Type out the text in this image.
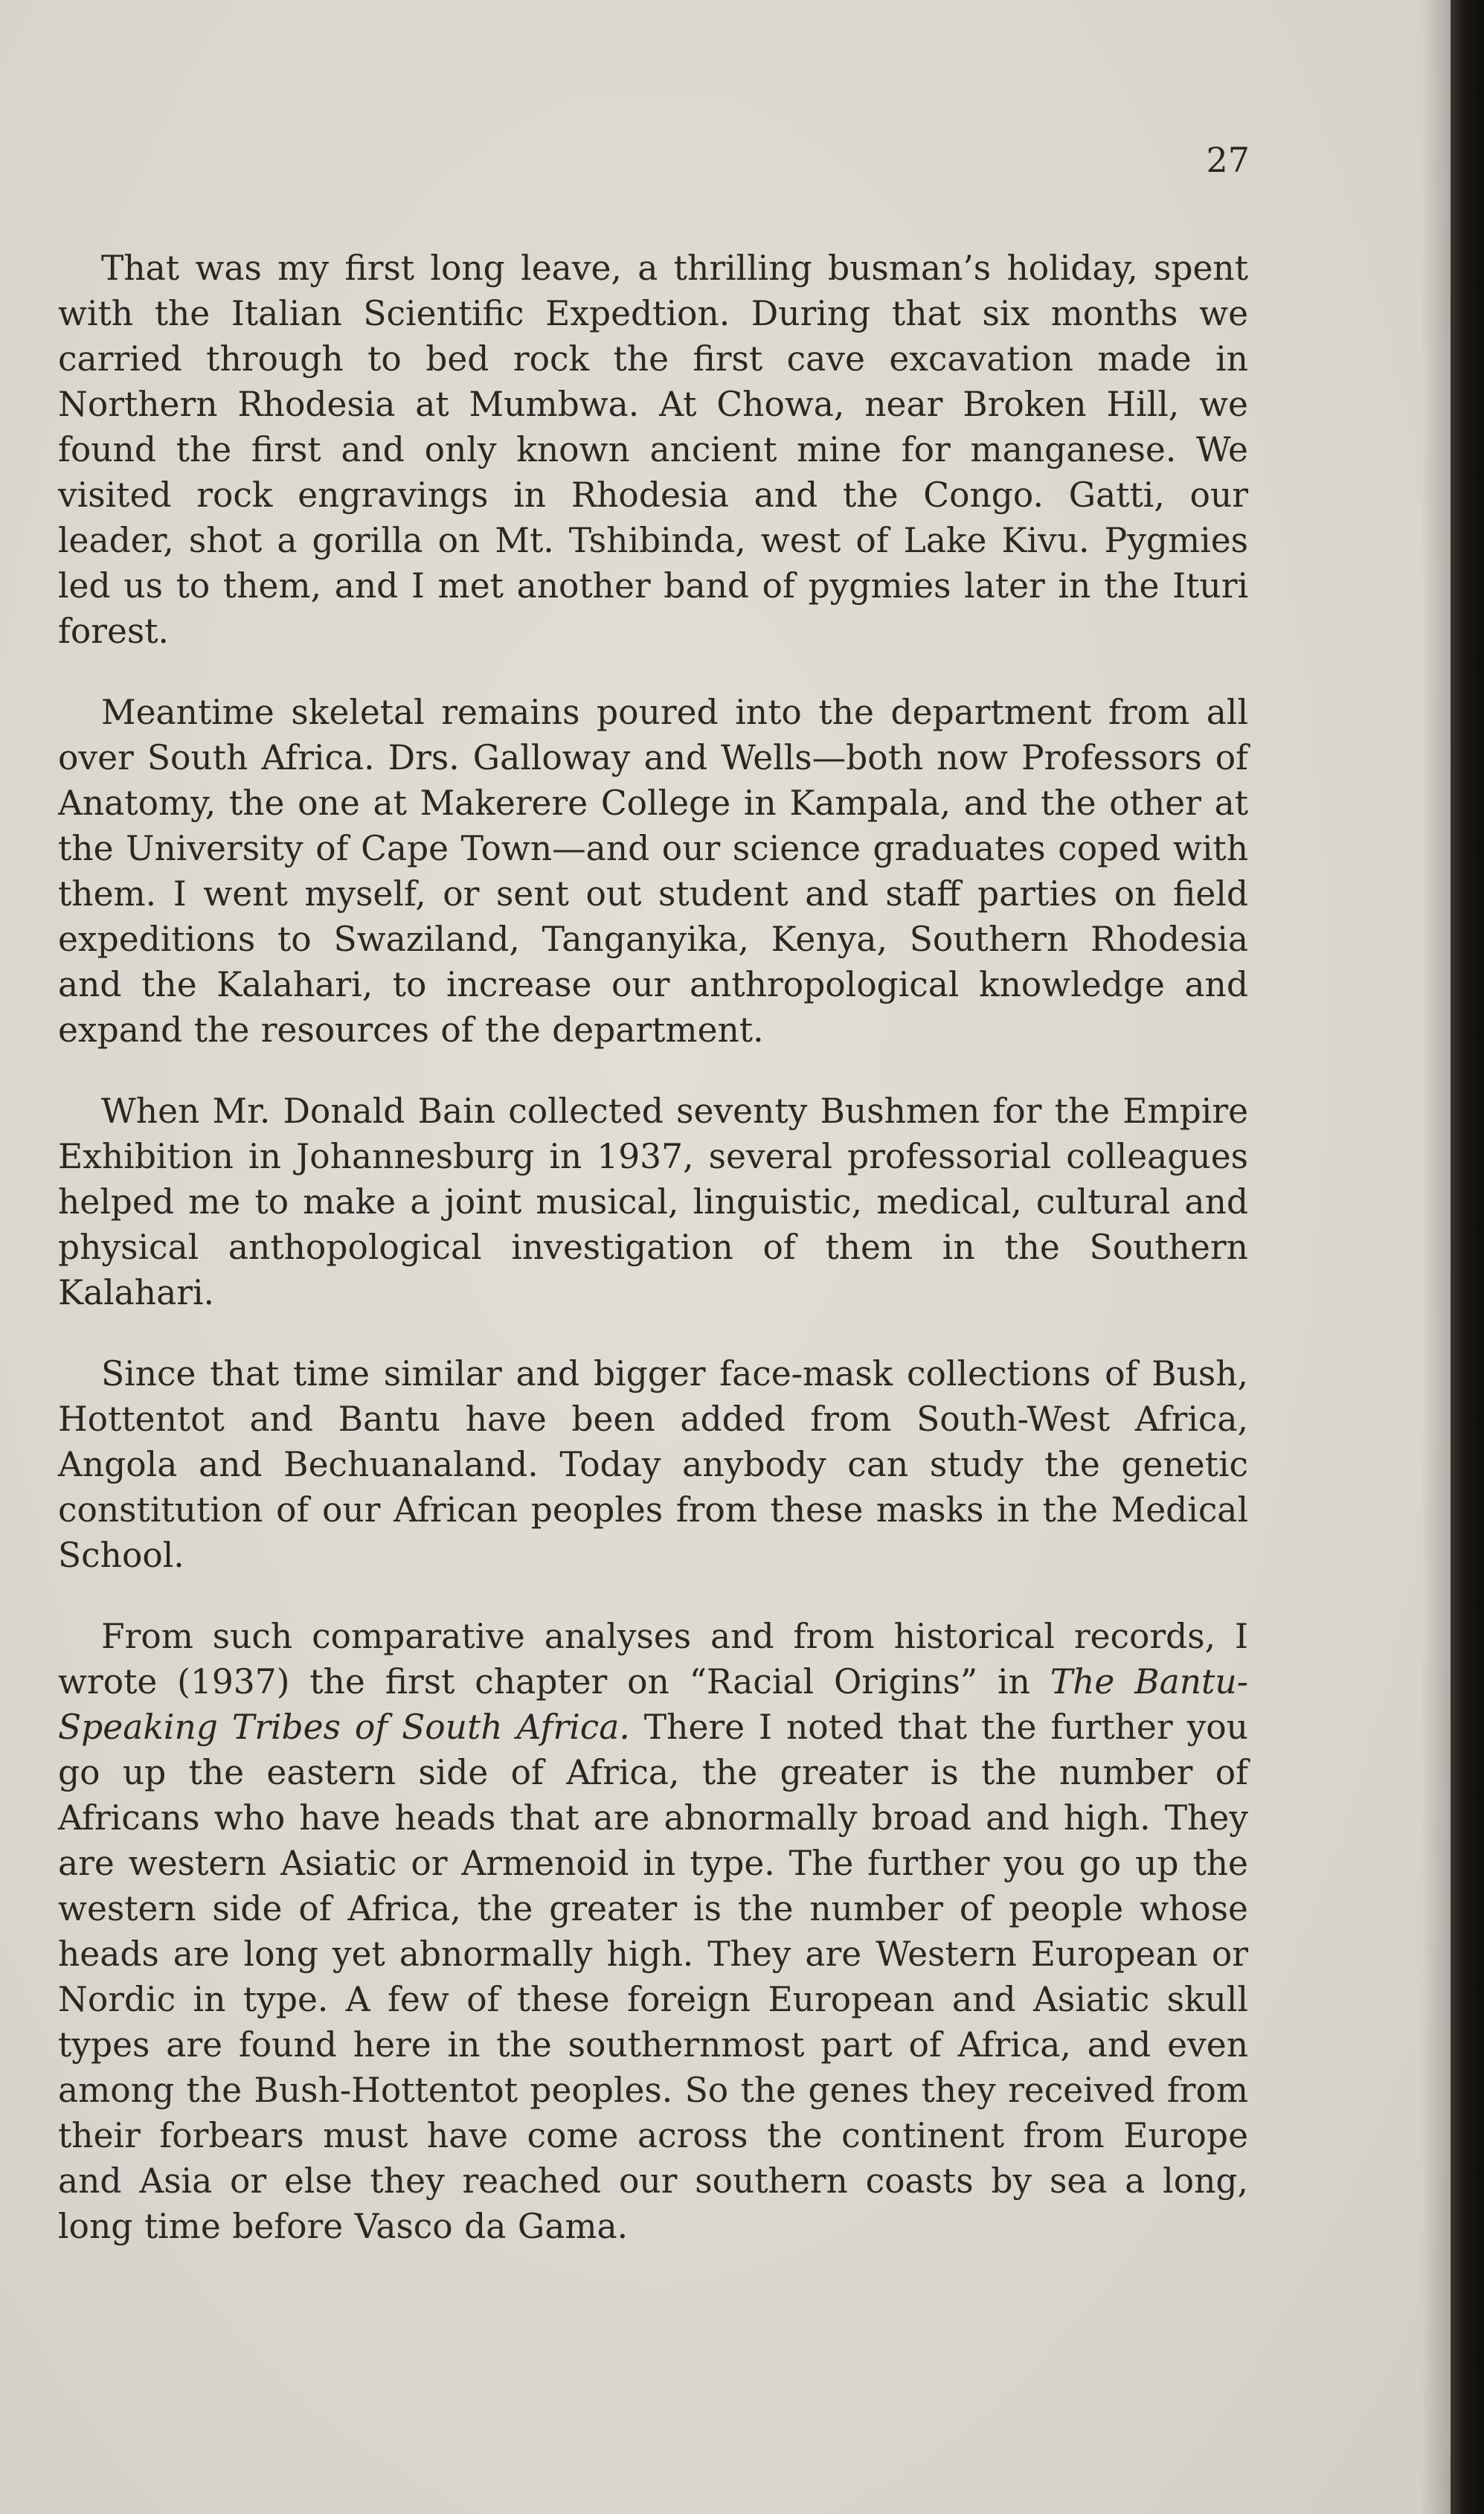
27

That was my first long leave, a thrilling busman’s holiday, spent with the Italian Scientific Expedtion. During that six months we carried through to bed rock the first cave excavation made in Northern Rhodesia at Mumbwa. At Chowa, near Broken Hill, we found the first and only known ancient mine for manganese. We visited rock engravings in Rhodesia and the Congo. Gatti, our leader, shot a gorilla on Mt. Tshibinda, west of Lake Kivu. Pygmies led us to them, and I met another band of pygmies later in the Ituri forest.

Meantime skeletal remains poured into the department from all over South Africa. Drs. Galloway and Wells—both now Professors of Anatomy, the one at Makerere College in Kampala, and the other at the University of Cape Town—and our science graduates coped with them. I went myself, or sent out student and staff parties on field expeditions to Swaziland, Tanganyika, Kenya, Southern Rhodesia and the Kalahari, to increase our anthropological knowledge and expand the resources of the department.

When Mr. Donald Bain collected seventy Bushmen for the Empire Exhibition in Johannesburg in 1937, several professorial colleagues helped me to make a joint musical, linguistic, medical, cultural and physical anthopological investigation of them in the Southern Kalahari.

Since that time similar and bigger face-mask collections of Bush, Hottentot and Bantu have been added from South-West Africa, Angola and Bechuanaland. Today anybody can study the genetic constitution of our African peoples from these masks in the Medical School.

From such comparative analyses and from historical records, I wrote (1937) the first chapter on “Racial Origins” in The Bantu-Speaking Tribes of South Africa. There I noted that the further you go up the eastern side of Africa, the greater is the number of Africans who have heads that are abnormally broad and high. They are western Asiatic or Armenoid in type. The further you go up the western side of Africa, the greater is the number of people whose heads are long yet abnormally high. They are Western European or Nordic in type. A few of these foreign European and Asiatic skull types are found here in the southernmost part of Africa, and even among the Bush-Hottentot peoples. So the genes they received from their forbears must have come across the continent from Europe and Asia or else they reached our southern coasts by sea a long, long time before Vasco da Gama.
